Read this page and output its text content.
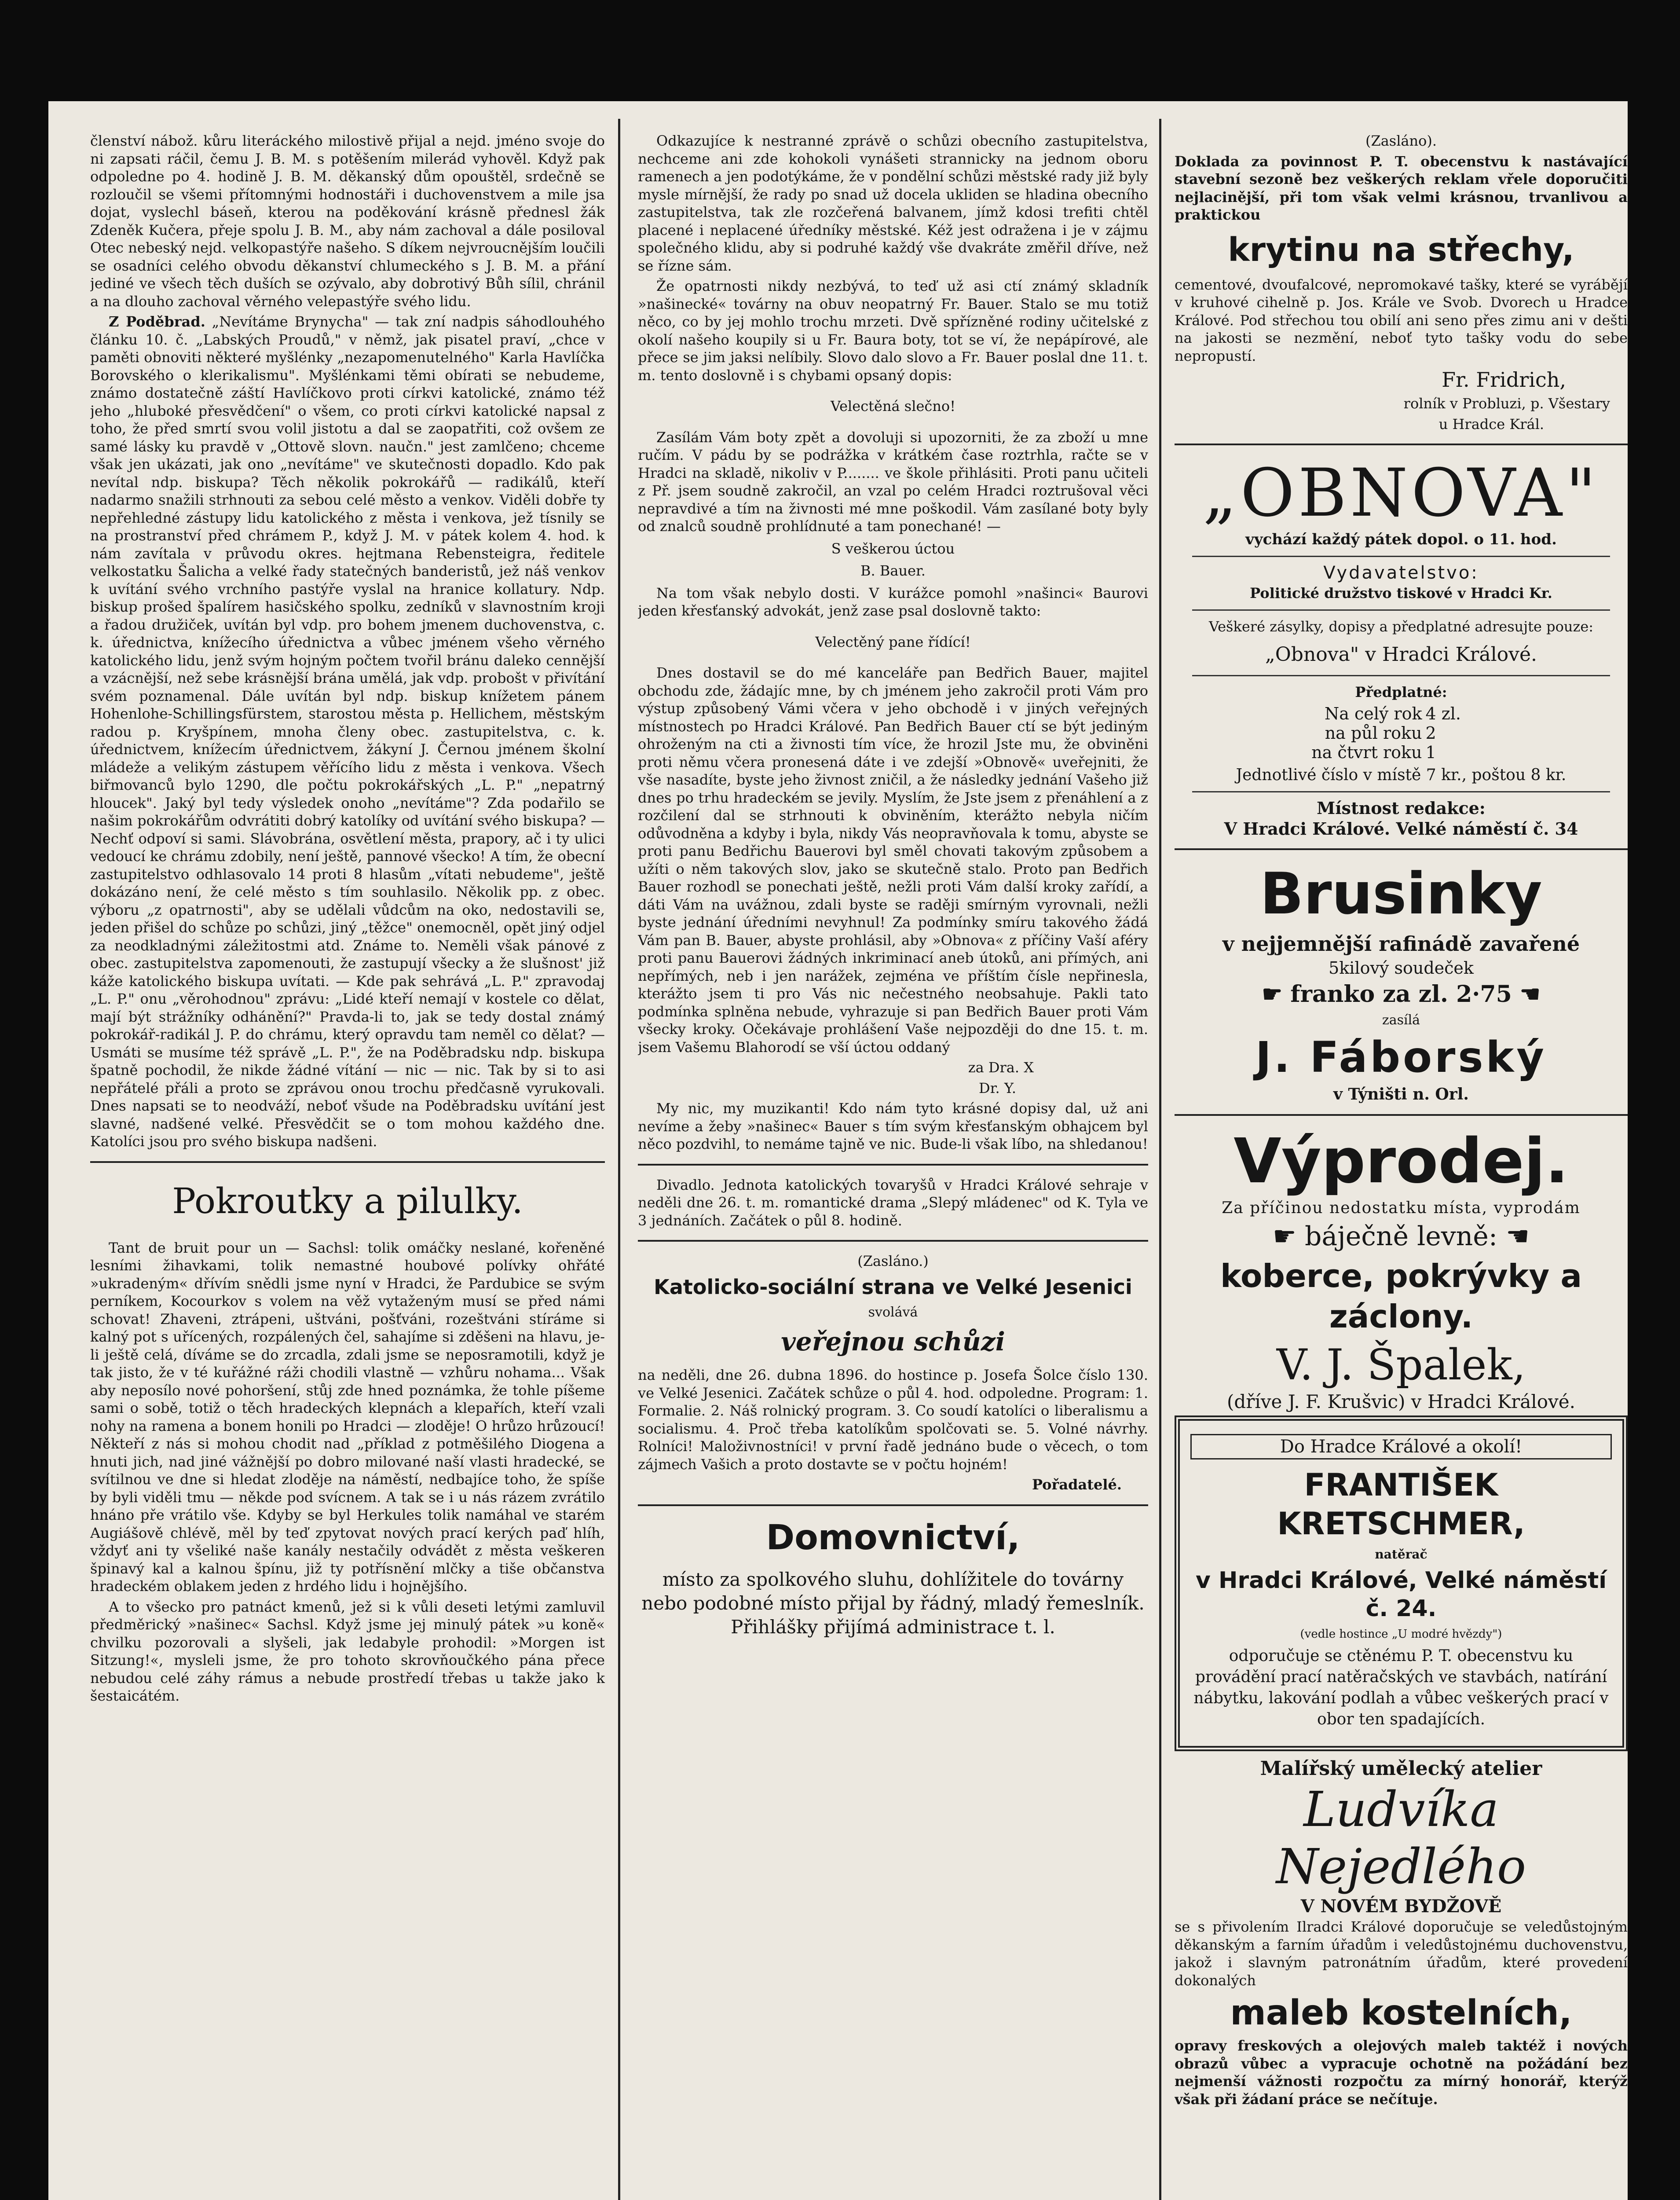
členství nábož. kůru literáckého milostivě přijal a nejd. jméno svoje do ni zapsati ráčil, čemu J. B. M. s potěšením milerád vyhověl. Když pak odpoledne po 4. hodině J. B. M. děkanský dům opouštěl, srdečně se rozloučil se všemi přítomnými hodnostáři i duchovenstvem a mile jsa dojat, vyslechl báseň, kterou na poděkování krásně přednesl žák Zdeněk Kučera, přeje spolu J. B. M., aby nám zachoval a dále posiloval Otec nebeský nejd. velkopastýře našeho. S díkem nejvroucnějším loučili se osadníci celého obvodu děkanství chlumeckého s J. B. M. a přání jediné ve všech těch duších se ozývalo, aby dobrotivý Bůh sílil, chránil a na dlouho zachoval věrného velepastýře svého lidu.

Z Poděbrad. „Nevítáme Brynycha" — tak zní nadpis sáhodlouhého článku 10. č. „Labských Proudů," v němž, jak pisatel praví, „chce v paměti obnoviti některé myšlénky „nezapomenutelného" Karla Havlíčka Borovského o klerikalismu". Myšlénkami těmi obírati se nebudeme, známo dostatečně záští Havlíčkovo proti církvi katolické, známo též jeho „hluboké přesvědčení" o všem, co proti církvi katolické napsal z toho, že před smrtí svou volil jistotu a dal se zaopatřiti, což ovšem ze samé lásky ku pravdě v „Ottově slovn. naučn." jest zamlčeno; chceme však jen ukázati, jak ono „nevítáme" ve skutečnosti dopadlo. Kdo pak nevítal ndp. biskupa? Těch několik pokrokářů — radikálů, kteří nadarmo snažili strhnouti za sebou celé město a venkov. Viděli dobře ty nepřehledné zástupy lidu katolického z města i venkova, jež tísnily se na prostranství před chrámem P., když J. M. v pátek kolem 4. hod. k nám zavítala v průvodu okres. hejtmana Rebensteigra, ředitele velkostatku Šalicha a velké řady statečných banderistů, jež náš venkov k uvítání svého vrchního pastýře vyslal na hranice kollatury. Ndp. biskup prošed špalírem hasičského spolku, zedníků v slavnostním kroji a řadou družiček, uvítán byl vdp. pro bohem jmenem duchovenstva, c. k. úřednictva, knížecího úřednictva a vůbec jménem všeho věrného katolického lidu, jenž svým hojným počtem tvořil bránu daleko cennější a vzácnější, než sebe krásnější brána umělá, jak vdp. probošt v přivítání svém poznamenal. Dále uvítán byl ndp. biskup knížetem pánem Hohenlohe-Schillingsfürstem, starostou města p. Hellichem, městským radou p. Kryšpínem, mnoha členy obec. zastupitelstva, c. k. úřednictvem, knížecím úřednictvem, žákyní J. Černou jménem školní mládeže a velikým zástupem věřícího lidu z města i venkova. Všech biřmovanců bylo 1290, dle počtu pokrokářských „L. P." „nepatrný hloucek". Jaký byl tedy výsledek onoho „nevítáme"? Zda podařilo se našim pokrokářům odvrátiti dobrý katolíky od uvítání svého biskupa? — Nechť odpoví si sami. Slávobrána, osvětlení města, prapory, ač i ty ulici vedoucí ke chrámu zdobily, není ještě, pannové všecko! A tím, že obecní zastupitelstvo odhlasovalo 14 proti 8 hlasům „vítati nebudeme", ještě dokázáno není, že celé město s tím souhlasilo. Několik pp. z obec. výboru „z opatrnosti", aby se udělali vůdcům na oko, nedostavili se, jeden přišel do schůze po schůzi, jiný „těžce" onemocněl, opět jiný odjel za neodkladnými záležitostmi atd. Známe to. Neměli však pánové z obec. zastupitelstva zapomenouti, že zastupují všecky a že slušnost' již káže katolického biskupa uvítati. — Kde pak sehrává „L. P." zpravodaj „L. P." onu „věrohodnou" zprávu: „Lidé kteří nemají v kostele co dělat, mají být strážníky odhánění?" Pravda-li to, jak se tedy dostal známý pokrokář-radikál J. P. do chrámu, který opravdu tam neměl co dělat? — Usmáti se musíme též správě „L. P.", že na Poděbradsku ndp. biskupa špatně pochodil, že nikde žádné vítání — nic — nic. Tak by si to asi nepřátelé přáli a proto se zprávou onou trochu předčasně vyrukovali. Dnes napsati se to neodváží, neboť všude na Poděbradsku uvítání jest slavné, nadšené velké. Přesvědčit se o tom mohou každého dne. Katolíci jsou pro svého biskupa nadšeni.

Pokroutky a pilulky.

Tant de bruit pour un — Sachsl: tolik omáčky neslané, kořeněné lesními žihavkami, tolik nemastné houbové polívky ohřáté »ukradeným« dřívím snědli jsme nyní v Hradci, že Pardubice se svým perníkem, Kocourkov s volem na věž vytaženým musí se před námi schovat! Zhaveni, ztrápeni, uštváni, pošťváni, rozeštváni stíráme si kalný pot s uřícených, rozpálených čel, sahajíme si zděšeni na hlavu, je-li ještě celá, díváme se do zrcadla, zdali jsme se neposramotili, když je tak jisto, že v té kuřážné ráži chodili vlastně — vzhůru nohama... Však aby neposílo nové pohoršení, stůj zde hned poznámka, že tohle píšeme sami o sobě, totiž o těch hradeckých klepnách a klepařích, kteří vzali nohy na ramena a bonem honili po Hradci — zloděje! O hrůzo hrůzoucí! Někteří z nás si mohou chodit nad „příklad z potměšilého Diogena a hnuti jich, nad jiné vážnější po dobro milované naší vlasti hradecké, se svítilnou ve dne si hledat zloděje na náměstí, nedbajíce toho, že spíše by byli viděli tmu — někde pod svícnem. A tak se i u nás rázem zvrátilo hnáno pře vrátilo vše. Kdyby se byl Herkules tolik namáhal ve starém Augiášově chlévě, měl by teď zpytovat nových prací kerých paď hlíh, vždyť ani ty všeliké naše kanály nestačily odvádět z města veškeren špinavý kal a kalnou špínu, již ty potřísnění mlčky a tiše občanstva hradeckém oblakem jeden z hrdého lidu i hojnějšího.

A to všecko pro patnáct kmenů, jež si k vůli deseti letými zamluvil předměrický »našinec« Sachsl. Když jsme jej minulý pátek »u koně« chvilku pozorovali a slyšeli, jak ledabyle prohodil: »Morgen ist Sitzung!«, mysleli jsme, že pro tohoto skrovňoučkého pána přece nebudou celé záhy rámus a nebude prostředí třebas u takže jako k šestaicátém.

Odkazujíce k nestranné zprávě o schůzi obecního zastupitelstva, nechceme ani zde kohokoli vynášeti strannicky na jednom oboru ramenech a jen podotýkáme, že v pondělní schůzi městské rady již byly mysle mírnější, že rady po snad už docela ukliden se hladina obecního zastupitelstva, tak zle rozčeřená balvanem, jímž kdosi trefiti chtěl placené i neplacené úředníky městské. Kéž jest odražena i je v zájmu společného klidu, aby si podruhé každý vše dvakráte změřil dříve, než se řízne sám.

Že opatrnosti nikdy nezbývá, to teď už asi ctí známý skladník »našinecké« továrny na obuv neopatrný Fr. Bauer. Stalo se mu totiž něco, co by jej mohlo trochu mrzeti. Dvě spřízněné rodiny učitelské z okolí našeho koupily si u Fr. Baura boty, tot se ví, že nepápírové, ale přece se jim jaksi nelíbily. Slovo dalo slovo a Fr. Bauer poslal dne 11. t. m. tento doslovně i s chybami opsaný dopis:

Velectěná slečno!

Zasílám Vám boty zpět a dovoluji si upozorniti, že za zboží u mne ručím. V pádu by se podrážka v krátkém čase roztrhla, račte se v Hradci na skladě, nikoliv v P........ ve škole přihlásiti. Proti panu učiteli z Př. jsem soudně zakročil, an vzal po celém Hradci roztrušoval věci nepravdivé a tím na živnosti mé mne poškodil. Vám zasílané boty byly od znalců soudně prohlídnuté a tam ponechané! —

S veškerou úctou

B. Bauer.

Na tom však nebylo dosti. V kurážce pomohl »našinci« Baurovi jeden křesťanský advokát, jenž zase psal doslovně takto:

Velectěný pane řídící!

Dnes dostavil se do mé kanceláře pan Bedřich Bauer, majitel obchodu zde, žádajíc mne, by ch jménem jeho zakročil proti Vám pro výstup způsobený Vámi včera v jeho obchodě i v jiných veřejných místnostech po Hradci Králové. Pan Bedřich Bauer ctí se být jediným ohroženým na cti a živnosti tím více, že hrozil Jste mu, že obviněni proti němu včera pronesená dáte i ve zdejší »Obnově« uveřejniti, že vše nasadíte, byste jeho živnost zničil, a že následky jednání Vašeho již dnes po trhu hradeckém se jevily. Myslím, že Jste jsem z přenáhlení a z rozčilení dal se strhnouti k obviněním, kterážto nebyla ničím odůvodněna a kdyby i byla, nikdy Vás neopravňovala k tomu, abyste se proti panu Bedřichu Bauerovi byl směl chovati takovým způsobem a užíti o něm takových slov, jako se skutečně stalo. Proto pan Bedřich Bauer rozhodl se ponechati ještě, nežli proti Vám další kroky zařídí, a dáti Vám na uvážnou, zdali byste se raději smírným vyrovnali, nežli byste jednání úředními nevyhnul! Za podmínky smíru takového žádá Vám pan B. Bauer, abyste prohlásil, aby »Obnova« z příčiny Vaší aféry proti panu Bauerovi žádných inkriminací aneb útoků, ani přímých, ani nepřímých, neb i jen narážek, zejména ve příštím čísle nepřinesla, kterážto jsem ti pro Vás nic nečestného neobsahuje. Pakli tato podmínka splněna nebude, vyhrazuje si pan Bedřich Bauer proti Vám všecky kroky. Očekávaje prohlášení Vaše nejpozději do dne 15. t. m. jsem Vašemu Blahorodí se vší úctou oddaný

za Dra. X

Dr. Y.

My nic, my muzikanti! Kdo nám tyto krásné dopisy dal, už ani nevíme a žeby »našinec« Bauer s tím svým křesťanským obhajcem byl něco pozdvihl, to nemáme tajně ve nic. Bude-li však líbo, na shledanou!

Divadlo. Jednota katolických tovaryšů v Hradci Králové sehraje v neděli dne 26. t. m. romantické drama „Slepý mládenec" od K. Tyla ve 3 jednáních. Začátek o půl 8. hodině.

(Zasláno.)

Katolicko-sociální strana ve Velké Jesenici

svolává

veřejnou schůzi

na neděli, dne 26. dubna 1896. do hostince p. Josefa Šolce číslo 130. ve Velké Jesenici. Začátek schůze o půl 4. hod. odpoledne. Program: 1. Formalie. 2. Náš rolnický program. 3. Co soudí katolíci o liberalismu a socialismu. 4. Proč třeba katolíkům spolčovati se. 5. Volné návrhy. Rolníci! Maloživnostníci! v první řadě jednáno bude o věcech, o tom zájmech Vašich a proto dostavte se v počtu hojném!

Pořadatelé.

Domovnictví,

místo za spolkového sluhu, dohlížitele do továrny nebo podobné místo přijal by řádný, mladý řemeslník. Přihlášky přijímá administrace t. l.

(Zasláno).

Doklada za povinnost P. T. obecenstvu k nastávající stavební sezoně bez veškerých reklam vřele doporučiti nejlacinější, při tom však velmi krásnou, trvanlivou a praktickou

krytinu na střechy,

cementové, dvoufalcové, nepromokavé tašky, které se vyrábějí v kruhové cihelně p. Jos. Krále ve Svob. Dvorech u Hradce Králové. Pod střechou tou obilí ani seno přes zimu ani v dešti na jakosti se nezmění, neboť tyto tašky vodu do sebe nepropustí.

Fr. Fridrich,

rolník v Probluzi, p. Všestary

u Hradce Král.

„OBNOVA"

vychází každý pátek dopol. o 11. hod.

Vydavatelstvo:

Politické družstvo tiskové v Hradci Kr.

Veškeré zásylky, dopisy a předplatné adresujte pouze:

„Obnova" v Hradci Králové.

Předplatné:

Na celý rok	4 zl.
na půl roku	2
na čtvrt roku	1

Jednotlivé číslo v místě 7 kr., poštou 8 kr.

Místnost redakce:

V Hradci Králové. Velké náměstí č. 34

Brusinky

v nejjemnější rafinádě zavařené

5kilový soudeček

☛ franko za zl. 2·75 ☚

zasílá

J. Fáborský

v Týništi n. Orl.

Výprodej.

Za příčinou nedostatku místa, vyprodám

☛ báječně levně: ☚

koberce, pokrývky a záclony.

V. J. Špalek,

(dříve J. F. Krušvic) v Hradci Králové.

Do Hradce Králové a okolí!

FRANTIŠEK KRETSCHMER,

natěrač

v Hradci Králové, Velké náměstí č. 24.

(vedle hostince „U modré hvězdy")

odporučuje se ctěnému P. T. obecenstvu ku provádění prací natěračských ve stavbách, natírání nábytku, lakování podlah a vůbec veškerých prací v obor ten spadajících.

Malířský umělecký atelier

Ludvíka Nejedlého

V NOVÉM BYDŽOVĚ

se s přivolením Ilradci Králové doporučuje se veledůstojným děkanským a farním úřadům i veledůstojnému duchovenstvu, jakož i slavným patronátním úřadům, které provedení dokonalých

maleb kostelních,

opravy freskových a olejových maleb taktéž i nových obrazů vůbec a vypracuje ochotně na požádání bez nejmenší vážnosti rozpočtu za mírný honorář, kterýž však při žádaní práce se nečítuje.
